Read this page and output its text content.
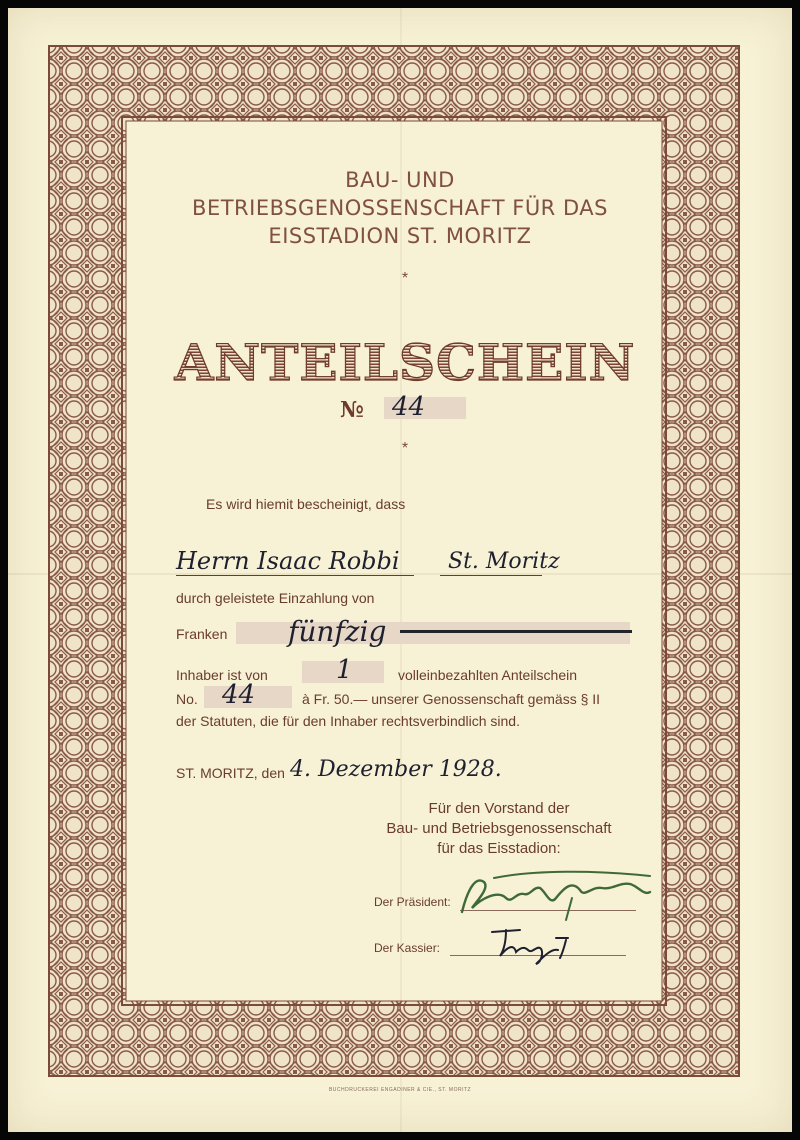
BAU- UND
BETRIEBSGENOSSENSCHAFT FÜR DAS
EISSTADION ST. MORITZ
*
ANTEILSCHEIN
№ 44
*
Es wird hiemit bescheinigt, dass
Herrn Isaac Robbi St. Moritz
durch geleistete Einzahlung von
Franken fünfzig
Inhaber ist von	1	volleinbezahlten Anteilschein
No. 44	à Fr. 50.— unserer Genossenschaft gemäss § II
der Statuten, die für den Inhaber rechtsverbindlich sind.
ST. MORITZ, den 4. Dezember 1928.
Für den Vorstand der
Bau- und Betriebsgenossenschaft
für das Eisstadion:
Der Präsident:
Der Kassier:
BUCHDRUCKEREI ENGADINER & CIE., ST. MORITZ
